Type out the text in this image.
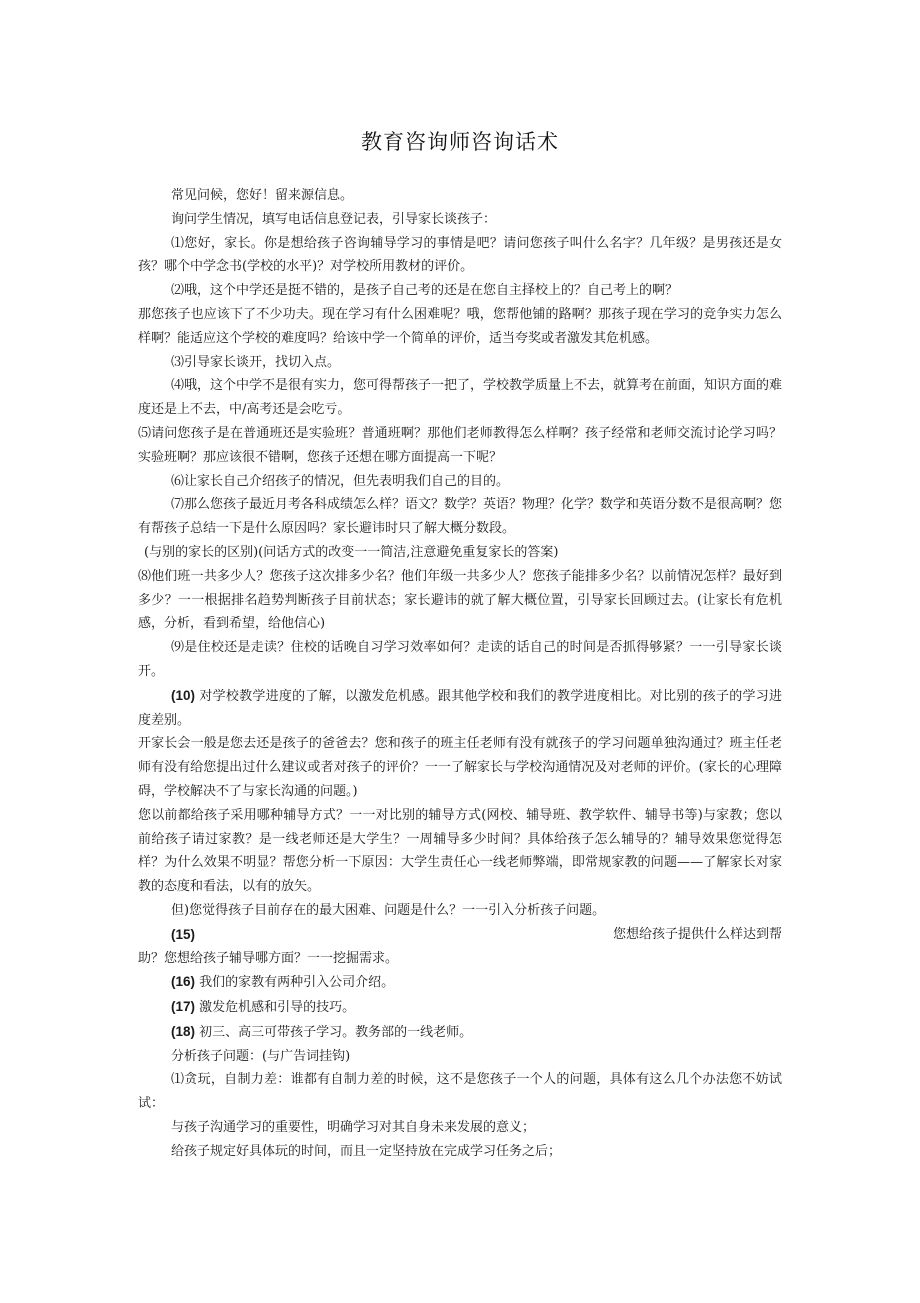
教育咨询师咨询话术

常见问候，您好！留来源信息。

询问学生情况，填写电话信息登记表，引导家长谈孩子：

⑴您好，家长。你是想给孩子咨询辅导学习的事情是吧？请问您孩子叫什么名字？几年级？是男孩还是女孩？哪个中学念书(学校的水平)？对学校所用教材的评价。

⑵哦，这个中学还是挺不错的，是孩子自己考的还是在您自主择校上的？自己考上的啊？

那您孩子也应该下了不少功夫。现在学习有什么困难呢？哦，您帮他铺的路啊？那孩子现在学习的竞争实力怎么样啊？能适应这个学校的难度吗？给该中学一个简单的评价，适当夸奖或者激发其危机感。

⑶引导家长谈开，找切入点。

⑷哦，这个中学不是很有实力，您可得帮孩子一把了，学校教学质量上不去，就算考在前面，知识方面的难度还是上不去，中/高考还是会吃亏。

⑸请问您孩子是在普通班还是实验班？普通班啊？那他们老师教得怎么样啊？孩子经常和老师交流讨论学习吗？实验班啊？那应该很不错啊，您孩子还想在哪方面提高一下呢？

⑹让家长自己介绍孩子的情况，但先表明我们自己的目的。

⑺那么您孩子最近月考各科成绩怎么样？语文？数学？英语？物理？化学？数学和英语分数不是很高啊？您有帮孩子总结一下是什么原因吗？家长避讳时只了解大概分数段。

(与别的家长的区别)(问话方式的改变一一简洁,注意避免重复家长的答案)

⑻他们班一共多少人？您孩子这次排多少名？他们年级一共多少人？您孩子能排多少名？以前情况怎样？最好到多少？一一根据排名趋势判断孩子目前状态；家长避讳的就了解大概位置，引导家长回顾过去。(让家长有危机感，分析，看到希望，给他信心)

⑼是住校还是走读？住校的话晚自习学习效率如何？走读的话自己的时间是否抓得够紧？一一引导家长谈开。

(10) 对学校教学进度的了解，以激发危机感。跟其他学校和我们的教学进度相比。对比别的孩子的学习进度差别。

开家长会一般是您去还是孩子的爸爸去？您和孩子的班主任老师有没有就孩子的学习问题单独沟通过？班主任老师有没有给您提出过什么建议或者对孩子的评价？一一了解家长与学校沟通情况及对老师的评价。(家长的心理障碍，学校解决不了与家长沟通的问题。)

您以前都给孩子采用哪种辅导方式？一一对比别的辅导方式(网校、辅导班、教学软件、辅导书等)与家教；您以前给孩子请过家教？是一线老师还是大学生？一周辅导多少时间？具体给孩子怎么辅导的？辅导效果您觉得怎样？为什么效果不明显？帮您分析一下原因：大学生责任心一线老师弊端，即常规家教的问题——了解家长对家教的态度和看法，以有的放矢。

但)您觉得孩子目前存在的最大困难、问题是什么？一一引入分析孩子问题。

(15)	您想给孩子提供什么样达到帮

助？您想给孩子辅导哪方面？一一挖掘需求。

(16) 我们的家教有两种引入公司介绍。

(17) 激发危机感和引导的技巧。

(18) 初三、高三可带孩子学习。教务部的一线老师。

分析孩子问题：(与广告词挂钩)

⑴贪玩，自制力差：谁都有自制力差的时候，这不是您孩子一个人的问题，具体有这么几个办法您不妨试试：

与孩子沟通学习的重要性，明确学习对其自身未来发展的意义；

给孩子规定好具体玩的时间，而且一定坚持放在完成学习任务之后；
